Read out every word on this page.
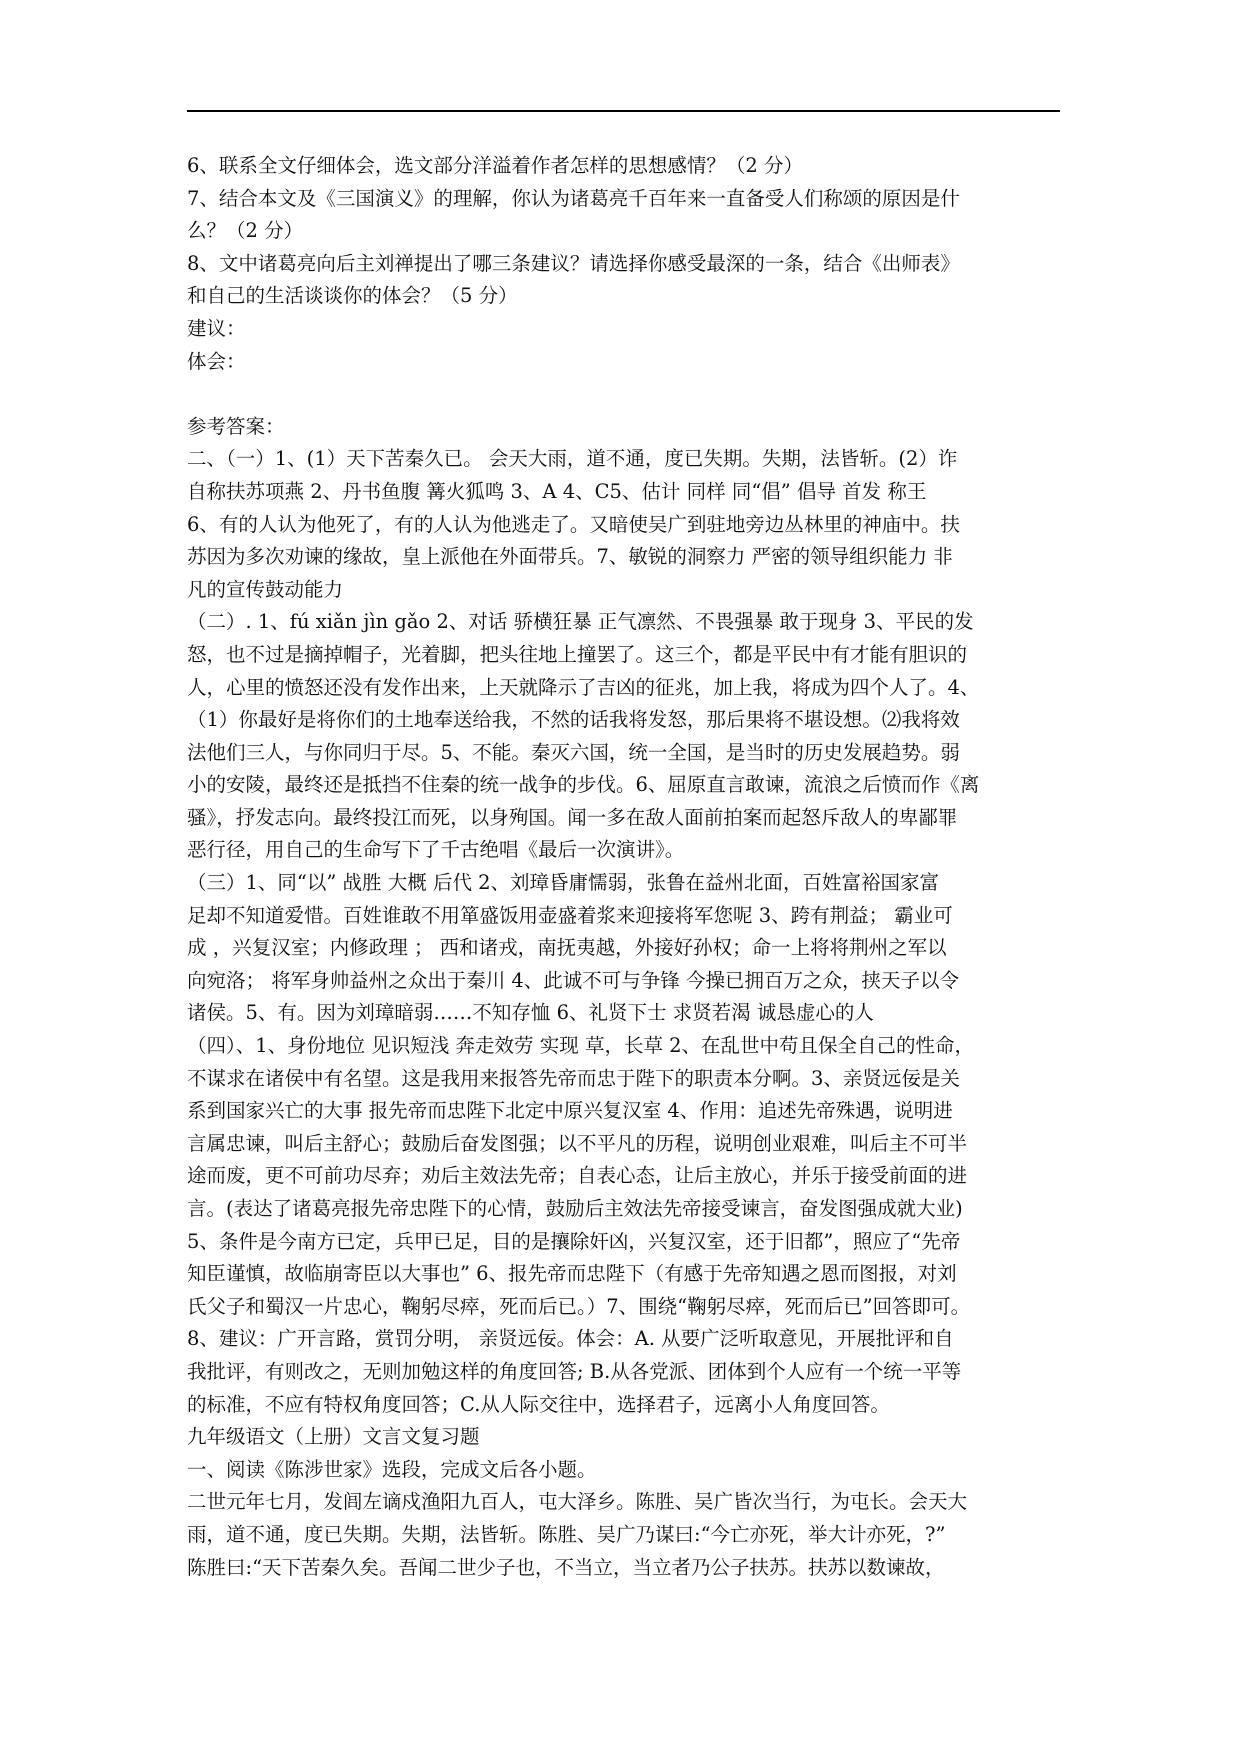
6、联系全文仔细体会，选文部分洋溢着作者怎样的思想感情？（2 分）
7、结合本文及《三国演义》的理解，你认为诸葛亮千百年来一直备受人们称颂的原因是什
么？（2 分）
8、文中诸葛亮向后主刘禅提出了哪三条建议？请选择你感受最深的一条，结合《出师表》
和自己的生活谈谈你的体会？（5 分）
建议：
体会：
参考答案：
二、（一）1、(1）天下苦秦久已。 会天大雨，道不通，度已失期。失期，法皆斩。(2）诈
自称扶苏项燕 2、丹书鱼腹 篝火狐鸣 3、A 4、C5、估计 同样 同“倡” 倡导 首发 称王
6、有的人认为他死了，有的人认为他逃走了。又暗使吴广到驻地旁边丛林里的神庙中。扶
苏因为多次劝谏的缘故，皇上派他在外面带兵。7、敏锐的洞察力 严密的领导组织能力 非
凡的宣传鼓动能力
（二）. 1、fú xiǎn jìn gǎo 2、对话 骄横狂暴 正气凛然、不畏强暴 敢于现身 3、平民的发
怒，也不过是摘掉帽子，光着脚，把头往地上撞罢了。这三个，都是平民中有才能有胆识的
人，心里的愤怒还没有发作出来，上天就降示了吉凶的征兆，加上我，将成为四个人了。4、
（1）你最好是将你们的土地奉送给我，不然的话我将发怒，那后果将不堪设想。⑵我将效
法他们三人，与你同归于尽。5、不能。秦灭六国，统一全国，是当时的历史发展趋势。弱
小的安陵，最终还是抵挡不住秦的统一战争的步伐。6、屈原直言敢谏，流浪之后愤而作《离
骚》，抒发志向。最终投江而死，以身殉国。闻一多在敌人面前拍案而起怒斥敌人的卑鄙罪
恶行径，用自己的生命写下了千古绝唱《最后一次演讲》。
（三）1、同“以” 战胜 大概 后代 2、刘璋昏庸懦弱，张鲁在益州北面，百姓富裕国家富
足却不知道爱惜。百姓谁敢不用箪盛饭用壶盛着浆来迎接将军您呢 3、跨有荆益； 霸业可
成 ，兴复汉室；内修政理 ； 西和诸戎，南抚夷越，外接好孙权；命一上将将荆州之军以
向宛洛； 将军身帅益州之众出于秦川 4、此诚不可与争锋 今操已拥百万之众，挟天子以令
诸侯。5、有。因为刘璋暗弱……不知存恤 6、礼贤下士 求贤若渴 诚恳虚心的人
（四）、1、身份地位 见识短浅 奔走效劳 实现 草，长草 2、在乱世中苟且保全自己的性命，
不谋求在诸侯中有名望。这是我用来报答先帝而忠于陛下的职责本分啊。3、亲贤远佞是关
系到国家兴亡的大事 报先帝而忠陛下北定中原兴复汉室 4、作用：追述先帝殊遇，说明进
言属忠谏，叫后主舒心；鼓励后奋发图强；以不平凡的历程，说明创业艰难，叫后主不可半
途而废，更不可前功尽弃；劝后主效法先帝；自表心态，让后主放心，并乐于接受前面的进
言。(表达了诸葛亮报先帝忠陛下的心情，鼓励后主效法先帝接受谏言，奋发图强成就大业)
5、条件是今南方已定，兵甲已足，目的是攘除奸凶，兴复汉室，还于旧都”，照应了“先帝
知臣谨慎，故临崩寄臣以大事也” 6、报先帝而忠陛下（有感于先帝知遇之恩而图报，对刘
氏父子和蜀汉一片忠心，鞠躬尽瘁，死而后已。）7、围绕“鞠躬尽瘁，死而后已”回答即可。
8、建议：广开言路，赏罚分明， 亲贤远佞。体会：A. 从要广泛听取意见，开展批评和自
我批评，有则改之，无则加勉这样的角度回答; B.从各党派、团体到个人应有一个统一平等
的标准，不应有特权角度回答；C.从人际交往中，选择君子，远离小人角度回答。
九年级语文（上册）文言文复习题
一、阅读《陈涉世家》选段，完成文后各小题。
二世元年七月，发闾左谪戍渔阳九百人，屯大泽乡。陈胜、吴广皆次当行，为屯长。会天大
雨，道不通，度已失期。失期，法皆斩。陈胜、吴广乃谋曰:“今亡亦死，举大计亦死，?”
陈胜曰:“天下苦秦久矣。吾闻二世少子也，不当立，当立者乃公子扶苏。扶苏以数谏故，
